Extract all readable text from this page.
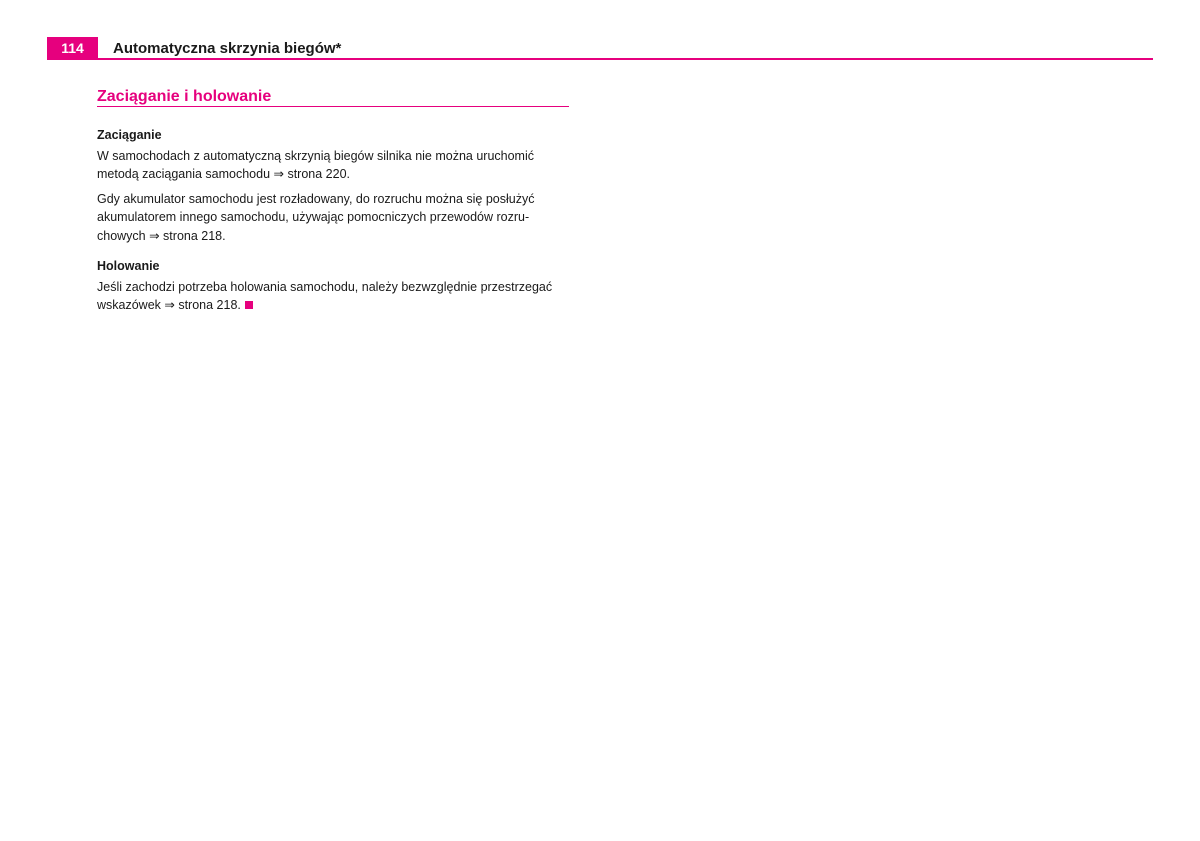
114	Automatyczna skrzynia biegów*
Zaciąganie i holowanie
Zaciąganie

W samochodach z automatyczną skrzynią biegów silnika nie można uruchomić
metodą zaciągania samochodu ⇒ strona 220.

Gdy akumulator samochodu jest rozładowany, do rozruchu można się posłużyć
akumulatorem innego samochodu, używając pomocniczych przewodów rozru-
chowych ⇒ strona 218.

Holowanie

Jeśli zachodzi potrzeba holowania samochodu, należy bezwzględnie przestrzegać
wskazówek ⇒ strona 218.
